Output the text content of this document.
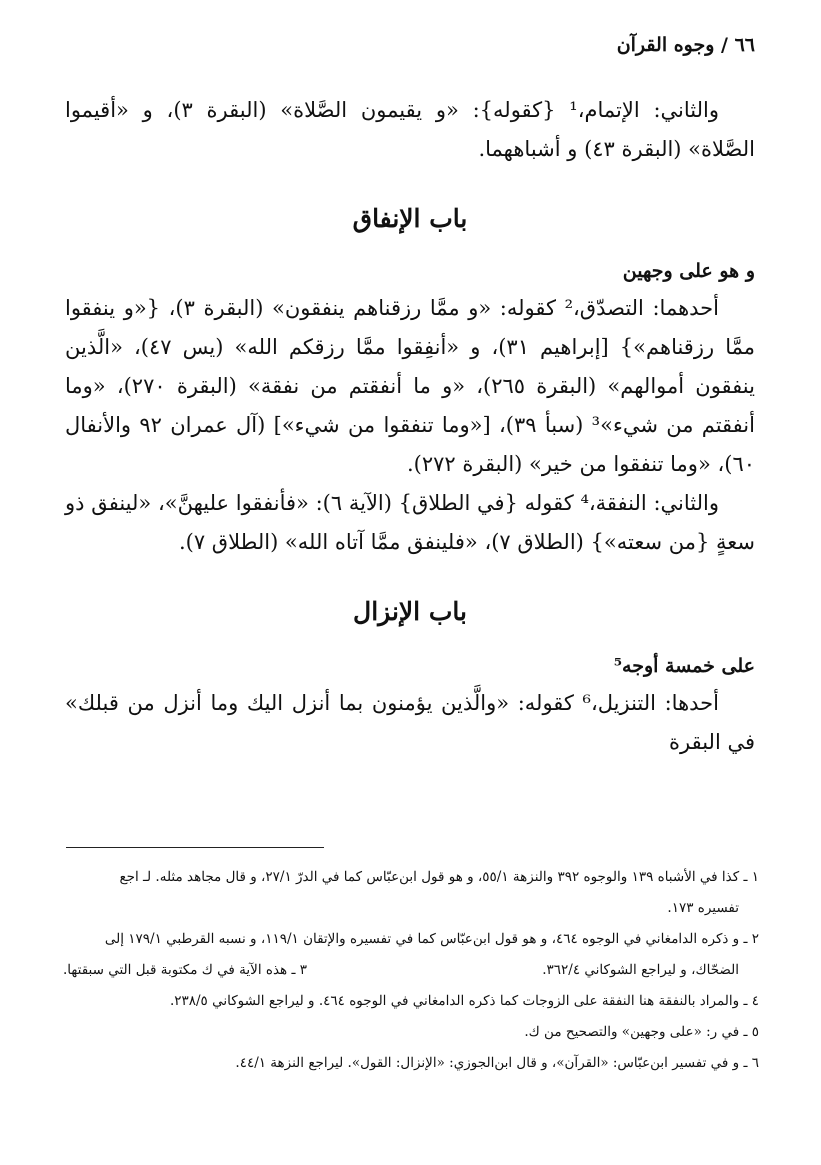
٦٦ / وجوه القرآن

والثاني: الإتمام،¹ {كقوله}: «و يقيمون الصَّلاة» (البقرة ٣)، و «أقيموا الصَّلاة» (البقرة ٤٣) و أشباههما.

باب الإنفاق

و هو على وجهين

أحدهما: التصدّق،² كقوله: «و ممَّا رزقناهم ينفقون» (البقرة ٣)، {«و ينفقوا ممَّا رزقناهم»} [إبراهيم ٣١)، و «أنفِقوا ممَّا رزقكم الله» (يس ٤٧)، «الَّذين ينفقون أموالهم» (البقرة ٢٦٥)، «و ما أنفقتم من نفقة» (البقرة ٢٧٠)، «وما أنفقتم من شيء»³ (سبأ ٣٩)، [«وما تنفقوا من شيء»] (آل عمران ٩٢ والأنفال ٦٠)، «وما تنفقوا من خير» (البقرة ٢٧٢).

والثاني: النفقة،⁴ كقوله {في الطلاق} (الآية ٦): «فأنفقوا عليهنَّ»، «لينفق ذو سعةٍ {من سعته»} (الطلاق ٧)، «فلينفق ممَّا آتاه الله» (الطلاق ٧).

باب الإنزال

على خمسة أوجه⁵

أحدها: التنزيل،⁶ كقوله: «والَّذين يؤمنون بما أنزل اليك وما أنزل من قبلك» في البقرة

١ ـ كذا في الأشباه ١٣٩ والوجوه ٣٩٢ والنزهة ٥٥/١، و هو قول ابن‌عبّاس كما في الدرّ ٢٧/١، و قال مجاهد مثله. لـ اجع

تفسيره ١٧٣.

٢ ـ و ذكره الدامغاني في الوجوه ٤٦٤، و هو قول ابن‌عبّاس كما في تفسيره والإتقان ١١٩/١، و نسبه القرطبي ١٧٩/١ إلى

الضحّاك، و ليراجع الشوكاني ٣٦٢/٤.
٣ ـ هذه الآية في ك مكتوبة قبل التي سبقتها.

٤ ـ والمراد بالنفقة هنا النفقة على الزوجات كما ذكره الدامغاني في الوجوه ٤٦٤. و ليراجع الشوكاني ٢٣٨/٥.

٥ ـ في ر: «على وجهين» والتصحيح من ك.

٦ ـ و في تفسير ابن‌عبّاس: «القرآن»، و قال ابن‌الجوزي: «الإنزال: القول». ليراجع النزهة ٤٤/١.
